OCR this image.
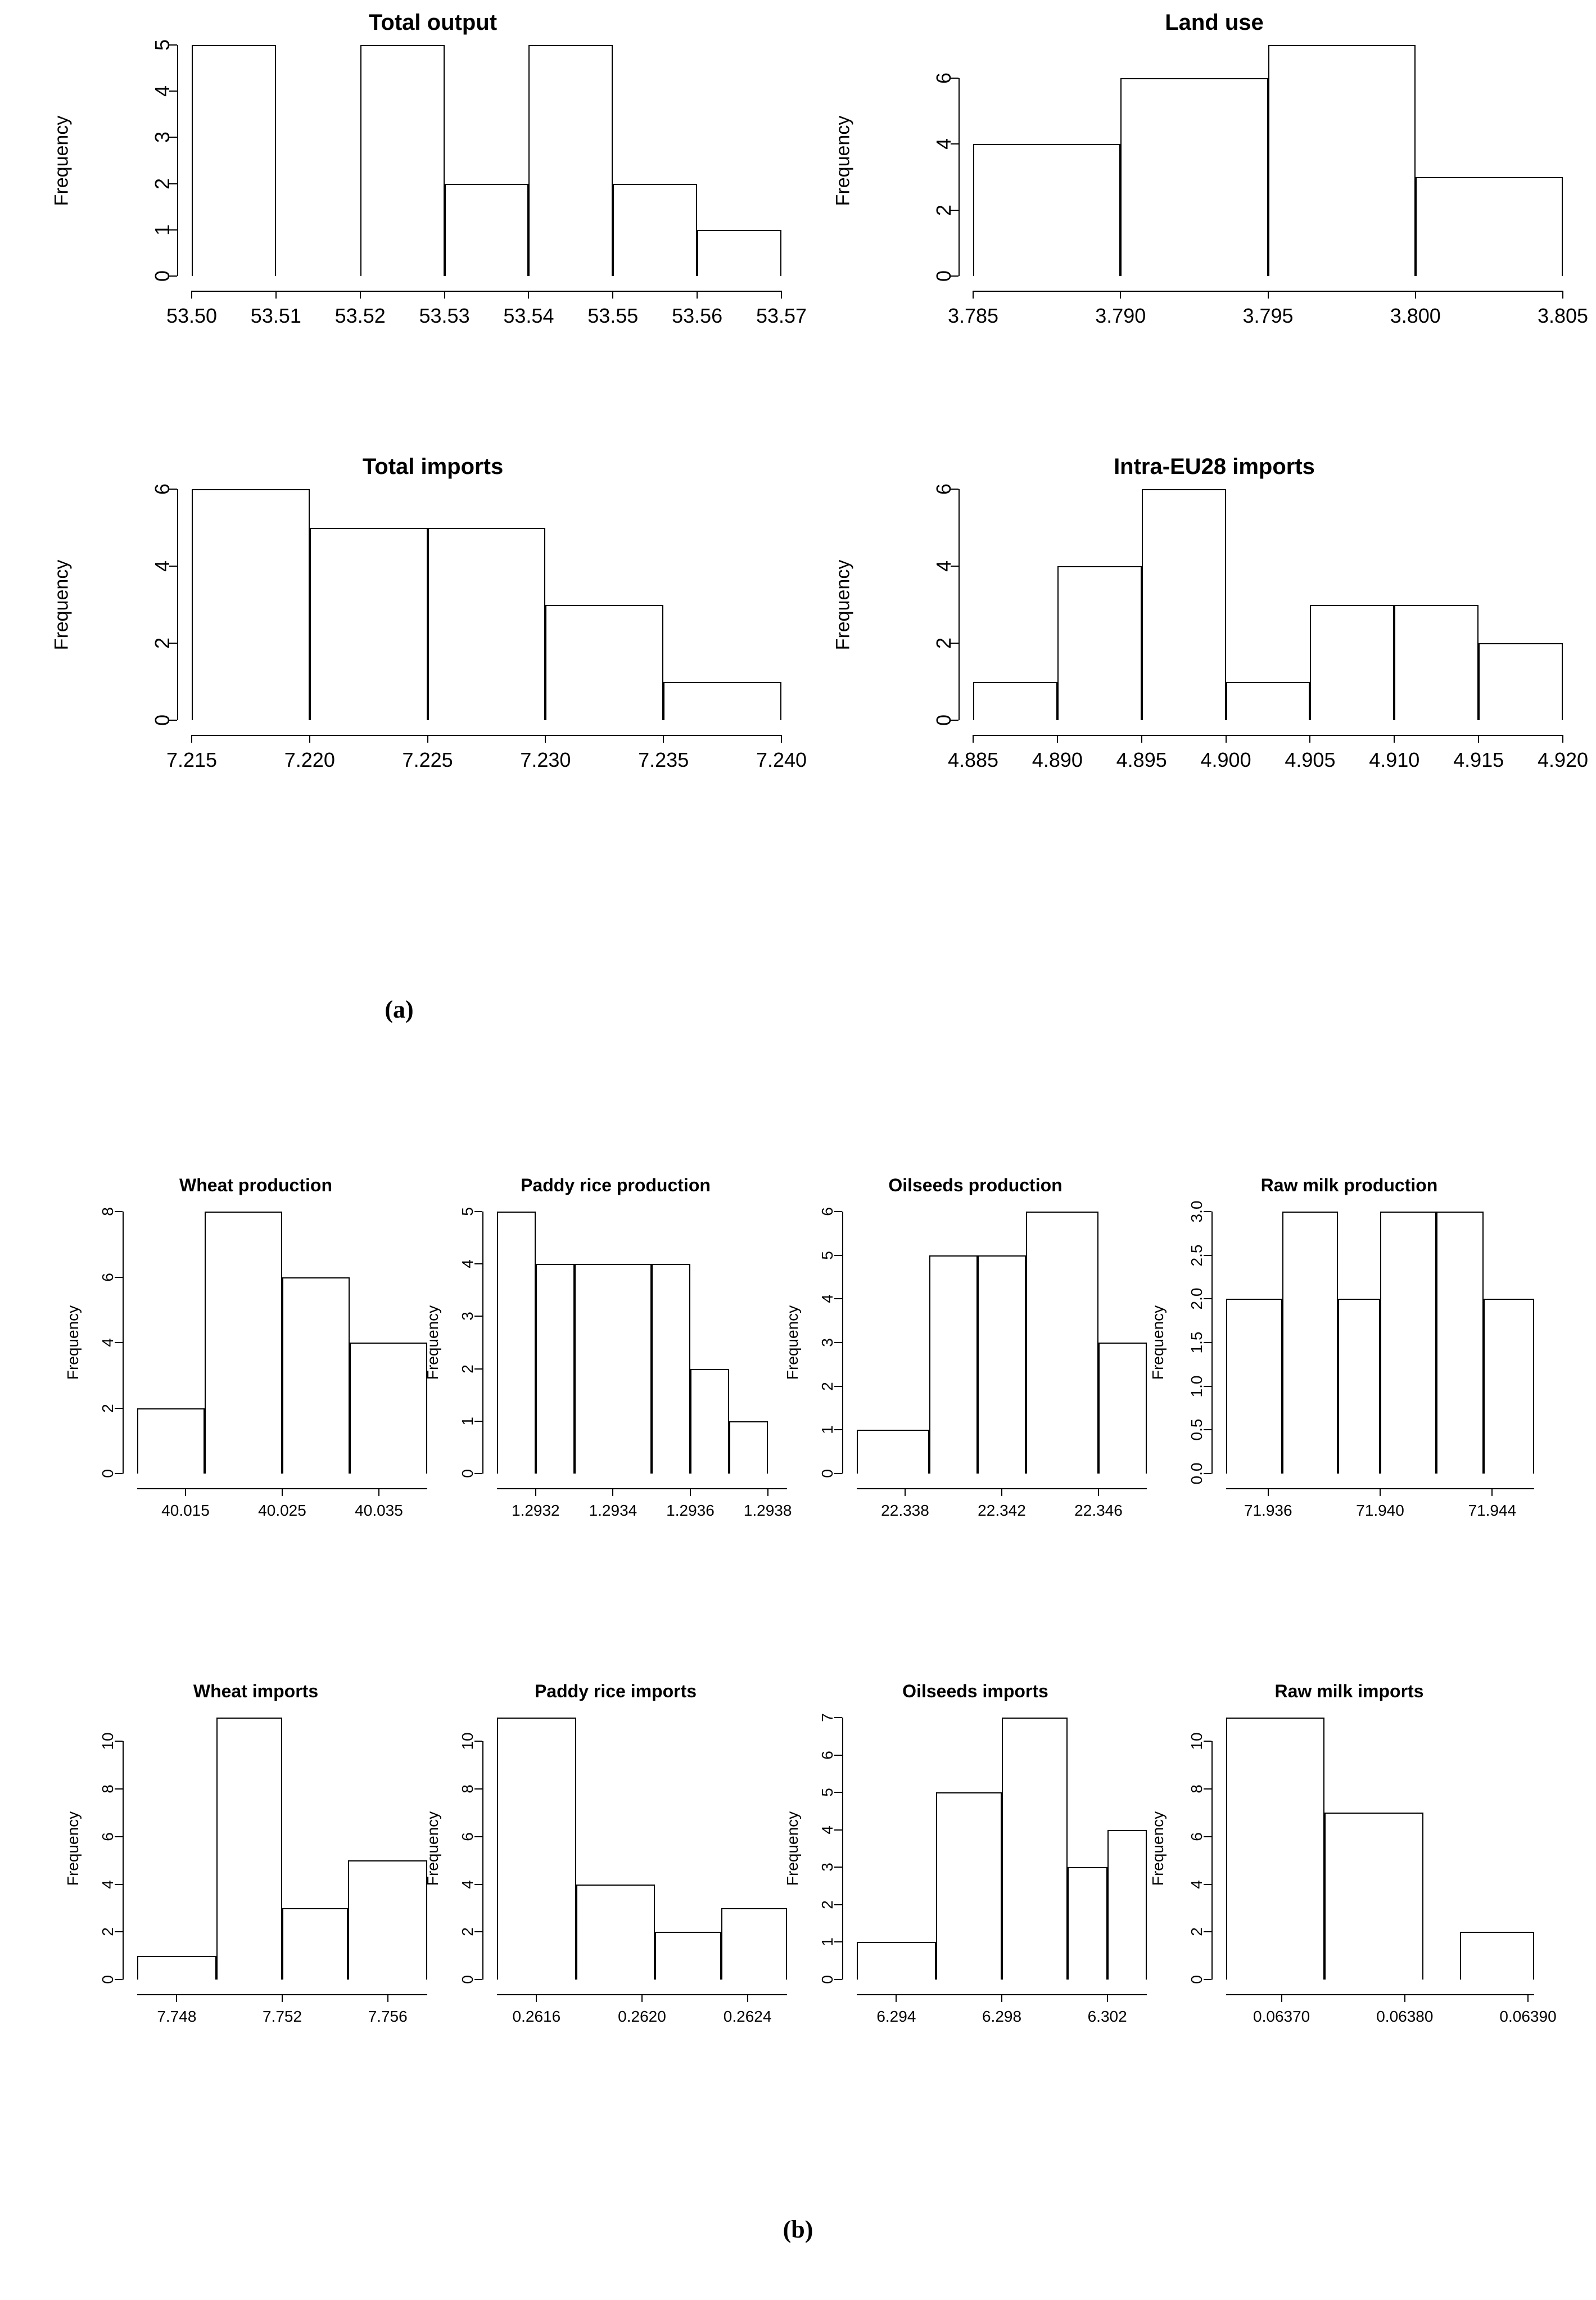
Total output	Land use
Total imports	Intra-EU28 imports
(a)
Wheat production	Paddy rice production	Oilseeds production	Raw milk production
Wheat imports	Paddy rice imports	Oilseeds imports	Raw milk imports
(b)
Frequency
0
1
2
3
4
5
53.50 53.51 53.52 53.53 53.54 53.55 53.56 53.57
Frequency
0
2
4
6
3.785	3.790	3.795	3.800	3.805
Frequency
0
2
4
6
7.215	7.220	7.225	7.230	7.235	7.240
Frequency
0
2
4
6
4.885 4.890 4.895 4.900 4.905 4.910 4.915 4.920
Frequency
0
2
4
6
8
40.015	40.025	40.035
Frequency
0
1
2
3
4
5
1.2932 1.2934 1.2936 1.2938
Frequency
0
1
2
3
4
5
6
22.338	22.342	22.346
Frequency
0.0
0.5
1.0
1.5
2.0
2.5
3.0
71.936	71.940	71.944
Frequency
0
2
4
6
8
10
7.748	7.752	7.756
Frequency
0
2
4
6
8
10
0.2616	0.2620	0.2624
Frequency
0
1
2
3
4
5
6
7
6.294	6.298	6.302
Frequency
0
2
4
6
8
10
0.06370	0.06380	0.06390
